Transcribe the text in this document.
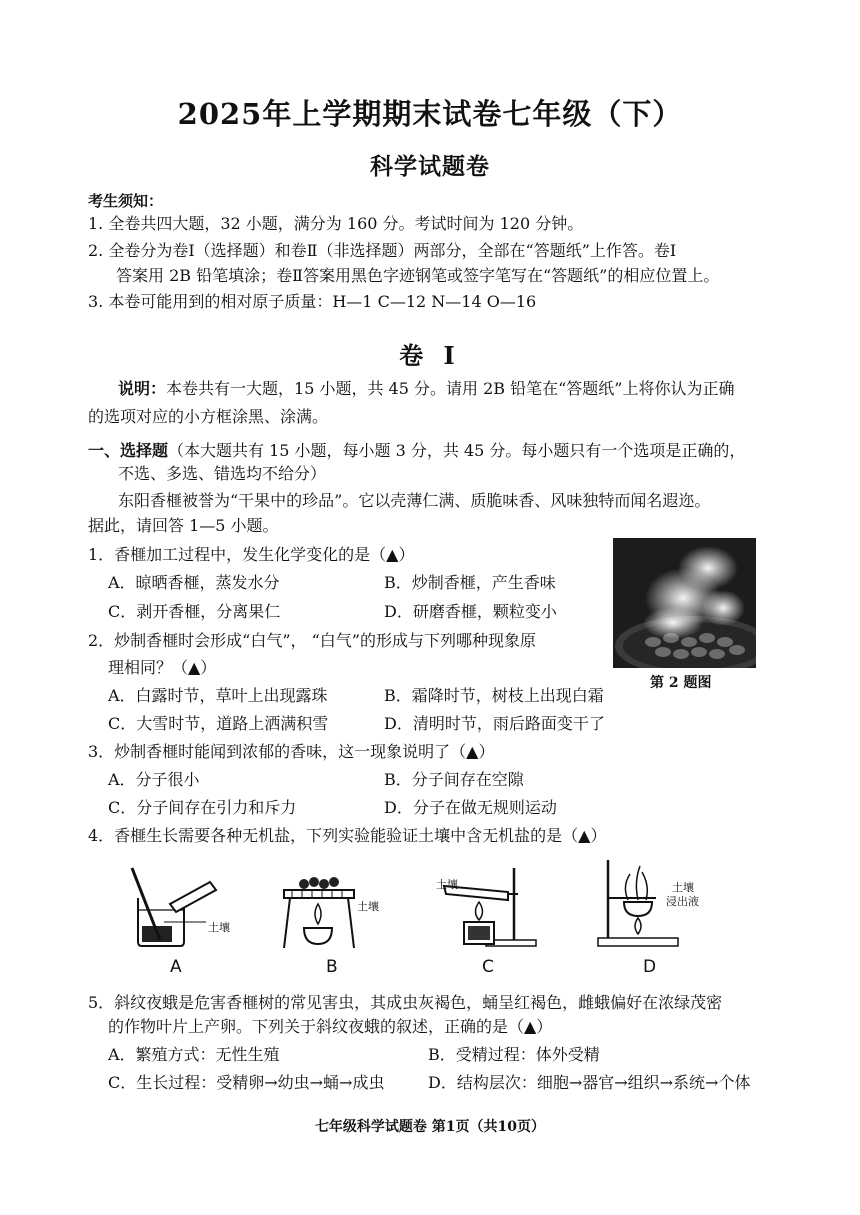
2025年上学期期末试卷七年级（下）
科学试题卷
考生须知：
1. 全卷共四大题，32 小题，满分为 160 分。考试时间为 120 分钟。
2. 全卷分为卷Ⅰ（选择题）和卷Ⅱ（非选择题）两部分，全部在“答题纸”上作答。卷Ⅰ
答案用 2B 铅笔填涂；卷Ⅱ答案用黑色字迹钢笔或签字笔写在“答题纸”的相应位置上。
3. 本卷可能用到的相对原子质量：H—1 C—12 N—14 O—16
卷 Ⅰ
说明：本卷共有一大题，15 小题，共 45 分。请用 2B 铅笔在“答题纸”上将你认为正确
的选项对应的小方框涂黑、涂满。
一、选择题（本大题共有 15 小题，每小题 3 分，共 45 分。每小题只有一个选项是正确的，
不选、多选、错选均不给分）
东阳香榧被誉为“干果中的珍品”。它以壳薄仁满、质脆味香、风味独特而闻名遐迩。
据此，请回答 1—5 小题。
1．香榧加工过程中，发生化学变化的是（▲）
A．晾晒香榧，蒸发水分	B．炒制香榧，产生香味
C．剥开香榧，分离果仁	D．研磨香榧，颗粒变小
2．炒制香榧时会形成“白气”， “白气”的形成与下列哪种现象原
理相同？（▲）
A．白露时节，草叶上出现露珠	B．霜降时节，树枝上出现白霜
C．大雪时节，道路上洒满积雪	D．清明时节，雨后路面变干了
第 2 题图
3．炒制香榧时能闻到浓郁的香味，这一现象说明了（▲）
A．分子很小	B．分子间存在空隙
C．分子间存在引力和斥力	D．分子在做无规则运动
4．香榧生长需要各种无机盐，下列实验能验证土壤中含无机盐的是（▲）
土壤
土壤
土壤	土壤
浸出液
A	B	C	D
5．斜纹夜蛾是危害香榧树的常见害虫，其成虫灰褐色，蛹呈红褐色，雌蛾偏好在浓绿茂密
的作物叶片上产卵。下列关于斜纹夜蛾的叙述，正确的是（▲）
A．繁殖方式：无性生殖	B．受精过程：体外受精
C．生长过程：受精卵→幼虫→蛹→成虫	D．结构层次：细胞→器官→组织→系统→个体
七年级科学试题卷 第1页（共10页）
